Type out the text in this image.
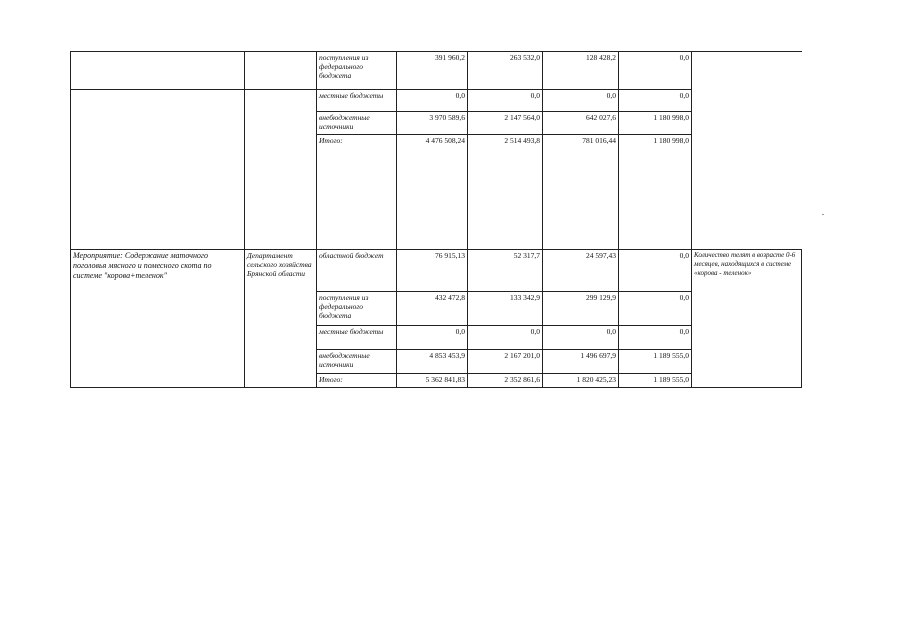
		поступления из федерального бюджета	391 960,2	263 532,0	128 428,2	0,0	
		местные бюджеты	0,0	0,0	0,0	0,0	
		внебюджетные источники	3 970 589,6	2 147 564,0	642 027,6	1 180 998,0	
		Итого:	4 476 508,24	2 514 493,8	781 016,44	1 180 998,0	
Мероприятие: Содержание маточного поголовья мясного и помесного скота по системе "корова+теленок"	Департамент сельского хозяйства Брянской области	областной бюджет	76 915,13	52 317,7	24 597,43	0,0	Количество телят в возрасте 0-6 месяцев, находящихся в системе «корова - теленок»
		поступления из федерального бюджета	432 472,8	133 342,9	299 129,9	0,0	
		местные бюджеты	0,0	0,0	0,0	0,0	
		внебюджетные источники	4 853 453,9	2 167 201,0	1 496 697,9	1 189 555,0	
		Итого:	5 362 841,83	2 352 861,6	1 820 425,23	1 189 555,0	
